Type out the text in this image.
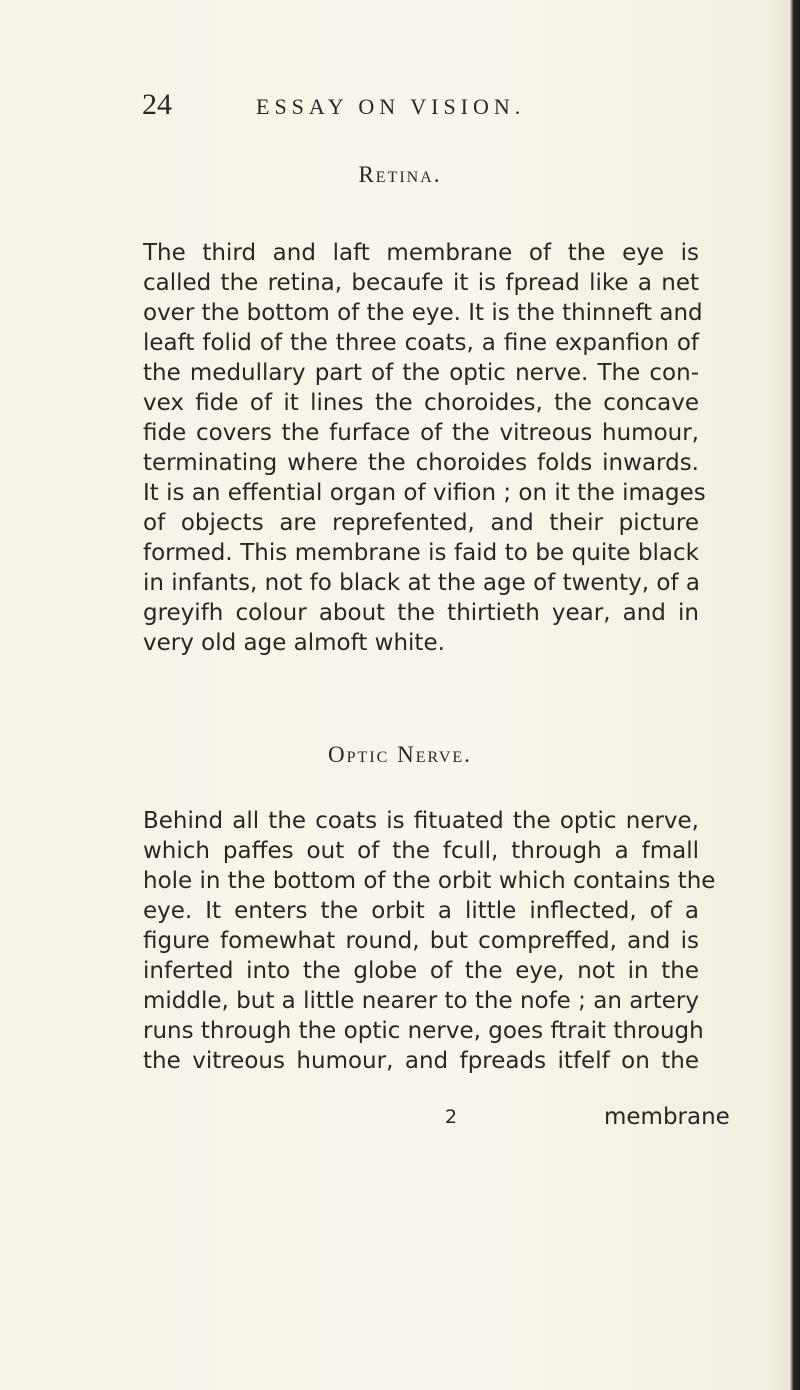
24	ESSAY ON VISION.
Retina.
The third and laft membrane of the eye is
called the retina, becaufe it is fpread like a net
over the bottom of the eye. It is the thinneft and
leaft folid of the three coats, a fine expanfion of
the medullary part of the optic nerve. The con-
vex fide of it lines the choroides, the concave
fide covers the furface of the vitreous humour,
terminating where the choroides folds inwards.
It is an effential organ of vifion ; on it the images
of objects are reprefented, and their picture
formed. This membrane is faid to be quite black
in infants, not fo black at the age of twenty, of a
greyifh colour about the thirtieth year, and in
very old age almoft white.
Optic Nerve.
Behind all the coats is fituated the optic nerve,
which paffes out of the fcull, through a fmall
hole in the bottom of the orbit which contains the
eye. It enters the orbit a little inflected, of a
figure fomewhat round, but compreffed, and is
inferted into the globe of the eye, not in the
middle, but a little nearer to the nofe ; an artery
runs through the optic nerve, goes ftrait through
the vitreous humour, and fpreads itfelf on the
2	membrane
